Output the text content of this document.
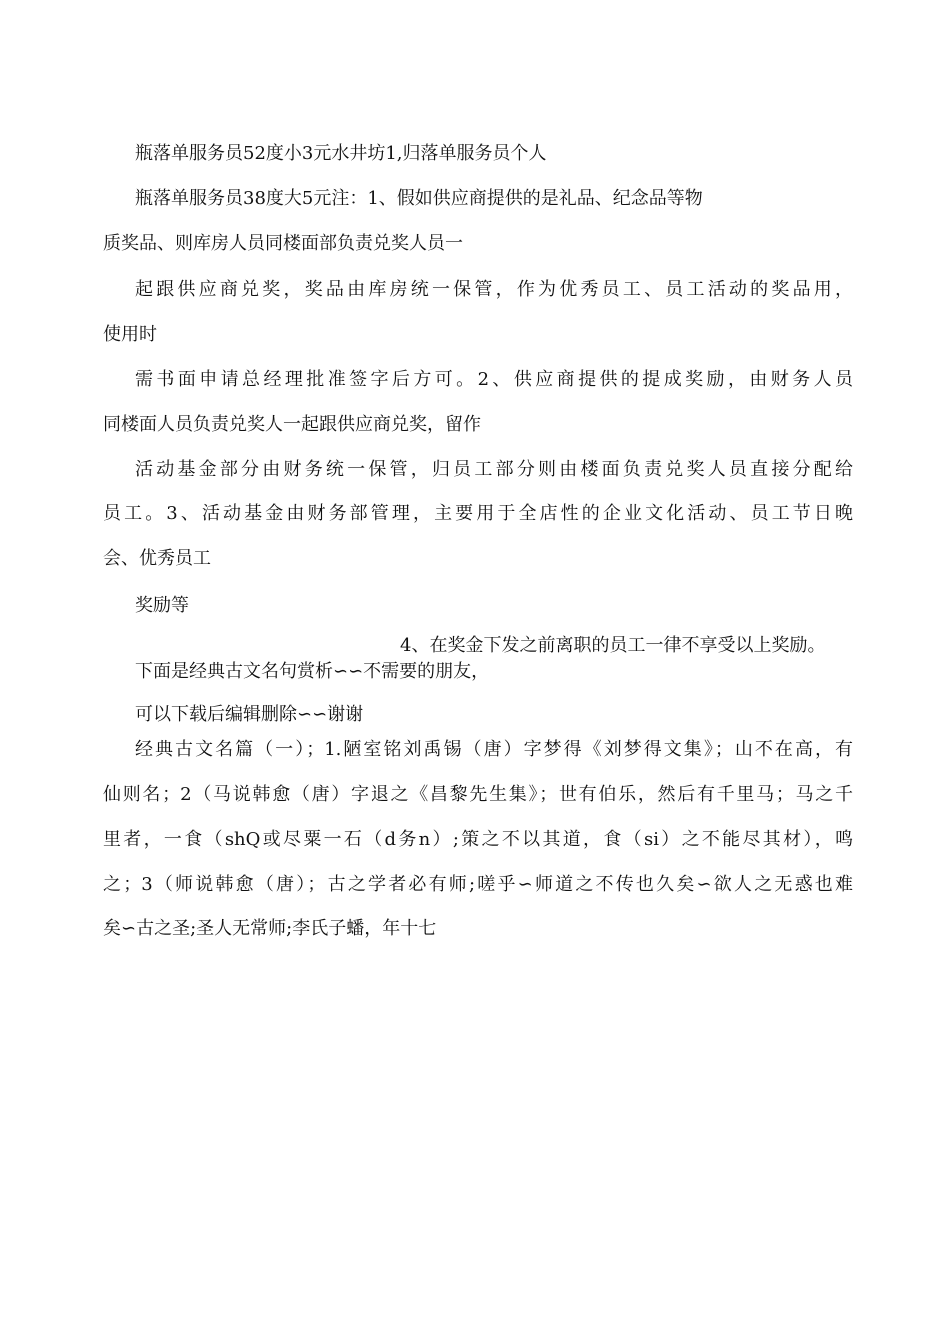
瓶落单服务员52度小3元水井坊1,归落单服务员个人
瓶落单服务员38度大5元注：1、假如供应商提供的是礼品、纪念品等物
质奖品、则库房人员同楼面部负责兑奖人员一
起跟供应商兑奖，奖品由库房统一保管，作为优秀员工、员工活动的奖品用，
使用时
需书面申请总经理批准签字后方可。2、供应商提供的提成奖励，由财务人员
同楼面人员负责兑奖人一起跟供应商兑奖，留作
活动基金部分由财务统一保管，归员工部分则由楼面负责兑奖人员直接分配给
员工。3、活动基金由财务部管理，主要用于全店性的企业文化活动、员工节日晚
会、优秀员工
奖励等
4、在奖金下发之前离职的员工一律不享受以上奖励。
下面是经典古文名句赏析∽∽不需要的朋友，
可以下载后编辑删除∽∽谢谢
经典古文名篇（一）；1.陋室铭刘禹锡（唐）字梦得《刘梦得文集》；山不在高，有
仙则名；2（马说韩愈（唐）字退之《昌黎先生集》；世有伯乐，然后有千里马；马之千
里者，一食（shQ或尽粟一石（d务n）;策之不以其道，食（si）之不能尽其材），鸣
之；3（师说韩愈（唐）；古之学者必有师;嗟乎∽师道之不传也久矣∽欲人之无惑也难
矣∽古之圣;圣人无常师;李氏子蟠，年十七
